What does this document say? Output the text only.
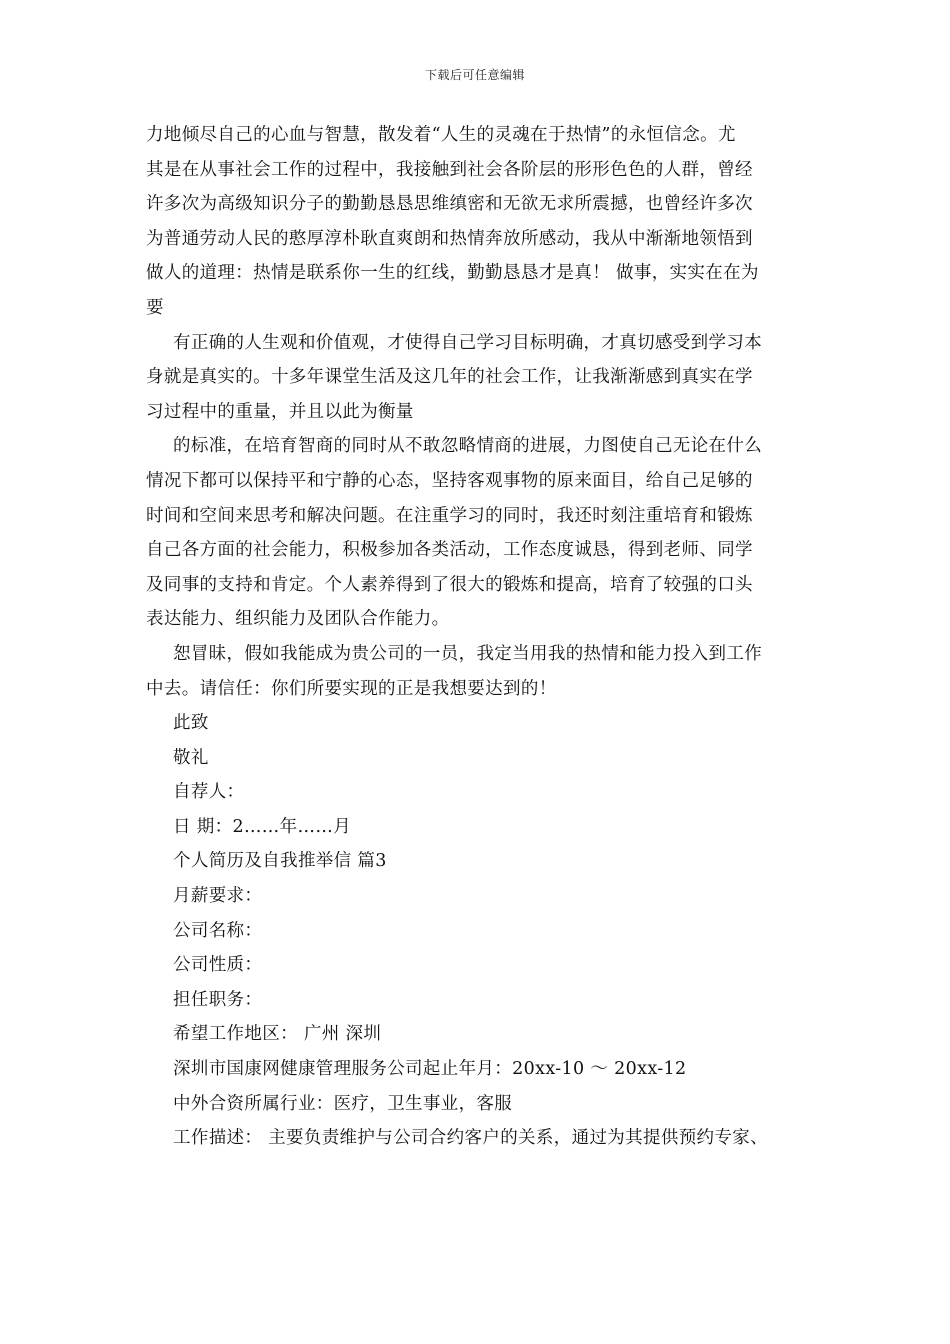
下载后可任意编辑
力地倾尽自己的心血与智慧，散发着“人生的灵魂在于热情”的永恒信念。尤
其是在从事社会工作的过程中，我接触到社会各阶层的形形色色的人群，曾经
许多次为高级知识分子的勤勤恳恳思维缜密和无欲无求所震撼，也曾经许多次
为普通劳动人民的憨厚淳朴耿直爽朗和热情奔放所感动，我从中渐渐地领悟到
做人的道理：热情是联系你一生的红线，勤勤恳恳才是真！ 做事，实实在在为
要
有正确的人生观和价值观，才使得自己学习目标明确，才真切感受到学习本
身就是真实的。十多年课堂生活及这几年的社会工作，让我渐渐感到真实在学
习过程中的重量，并且以此为衡量
的标准，在培育智商的同时从不敢忽略情商的进展，力图使自己无论在什么
情况下都可以保持平和宁静的心态，坚持客观事物的原来面目，给自己足够的
时间和空间来思考和解决问题。在注重学习的同时，我还时刻注重培育和锻炼
自己各方面的社会能力，积极参加各类活动，工作态度诚恳，得到老师、同学
及同事的支持和肯定。个人素养得到了很大的锻炼和提高，培育了较强的口头
表达能力、组织能力及团队合作能力。
恕冒昧，假如我能成为贵公司的一员，我定当用我的热情和能力投入到工作
中去。请信任：你们所要实现的正是我想要达到的！
此致
敬礼
自荐人：
日 期：2……年……月
个人简历及自我推举信 篇3
月薪要求：
公司名称：
公司性质：
担任职务：
希望工作地区： 广州 深圳
深圳市国康网健康管理服务公司起止年月：20xx-10 ～ 20xx-12
中外合资所属行业：医疗，卫生事业，客服
工作描述： 主要负责维护与公司合约客户的关系，通过为其提供预约专家、
